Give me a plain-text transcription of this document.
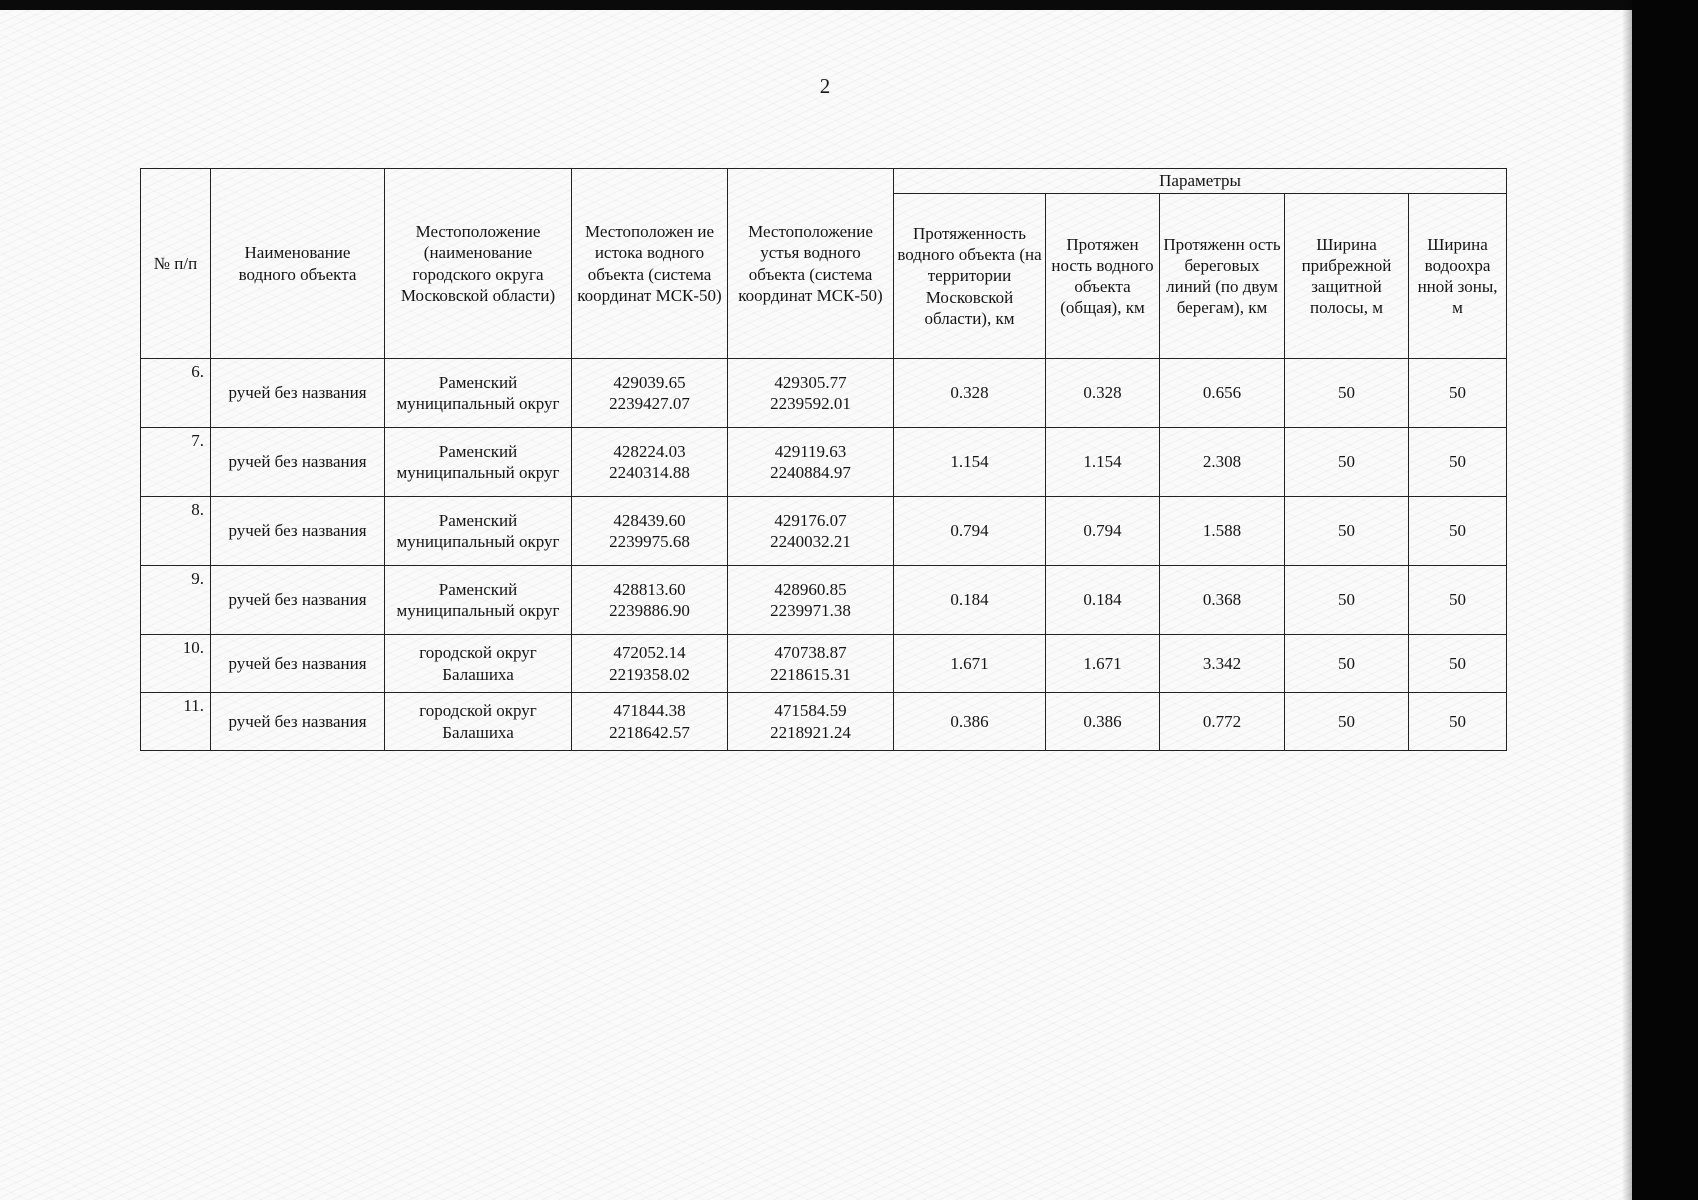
2
№ п/п	Наименование водного объекта	Местоположение (наименование городского округа Московской области)	Местоположен ие истока водного объекта (система координат МСК-50)	Местоположение устья водного объекта (система координат МСК-50)	Параметры				
					Протяженность водного объекта (на территории Московской области), км	Протяжен ность водного объекта (общая), км	Протяженн ость береговых линий (по двум берегам), км	Ширина прибрежной защитной полосы, м	Ширина водоохра нной зоны, м
6.	ручей без названия	Раменский муниципальный округ	429039.65
2239427.07	429305.77
2239592.01	0.328	0.328	0.656	50	50
7.	ручей без названия	Раменский муниципальный округ	428224.03
2240314.88	429119.63
2240884.97	1.154	1.154	2.308	50	50
8.	ручей без названия	Раменский муниципальный округ	428439.60
2239975.68	429176.07
2240032.21	0.794	0.794	1.588	50	50
9.	ручей без названия	Раменский муниципальный округ	428813.60
2239886.90	428960.85
2239971.38	0.184	0.184	0.368	50	50
10.	ручей без названия	городской округ Балашиха	472052.14
2219358.02	470738.87
2218615.31	1.671	1.671	3.342	50	50
11.	ручей без названия	городской округ Балашиха	471844.38
2218642.57	471584.59
2218921.24	0.386	0.386	0.772	50	50
